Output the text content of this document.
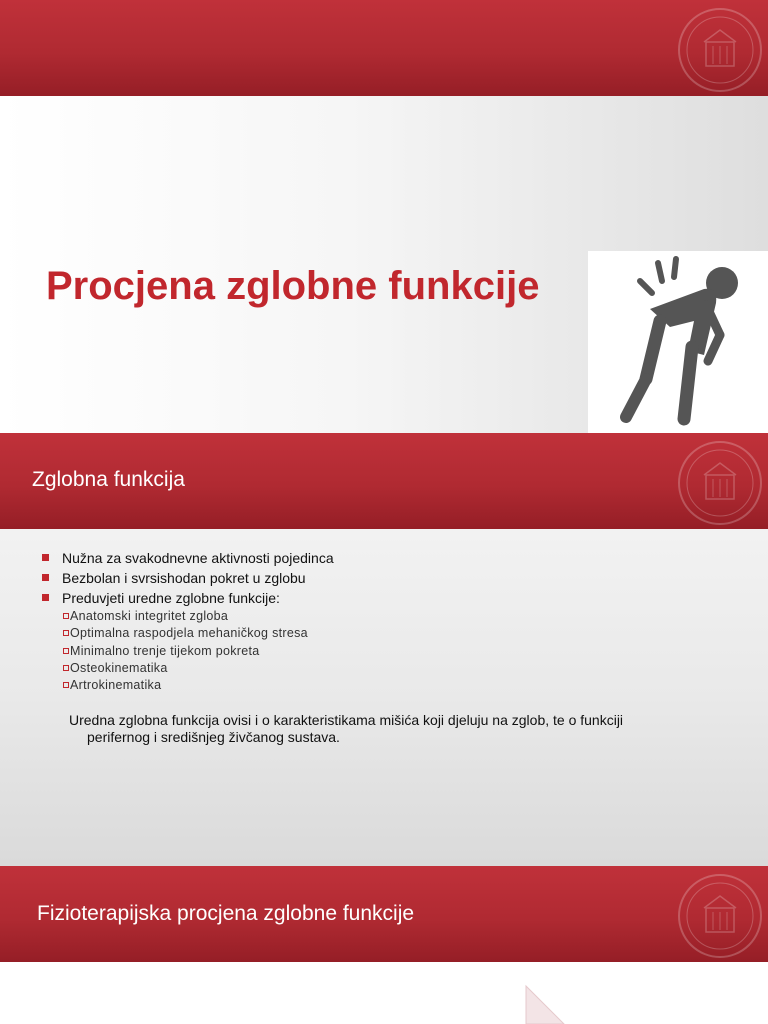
Procjena zglobne funkcije
Zglobna funkcija
Nužna za svakodnevne aktivnosti pojedinca
Bezbolan i svrsishodan pokret u zglobu
Preduvjeti uredne zglobne funkcije:
Anatomski integritet zgloba
Optimalna raspodjela mehaničkog stresa
Minimalno trenje tijekom pokreta
Osteokinematika
Artrokinematika
Uredna zglobna funkcija ovisi i o karakteristikama mišića koji djeluju na zglob, te o funkciji
perifernog i središnjeg živčanog sustava.
Fizioterapijska procjena zglobne funkcije
